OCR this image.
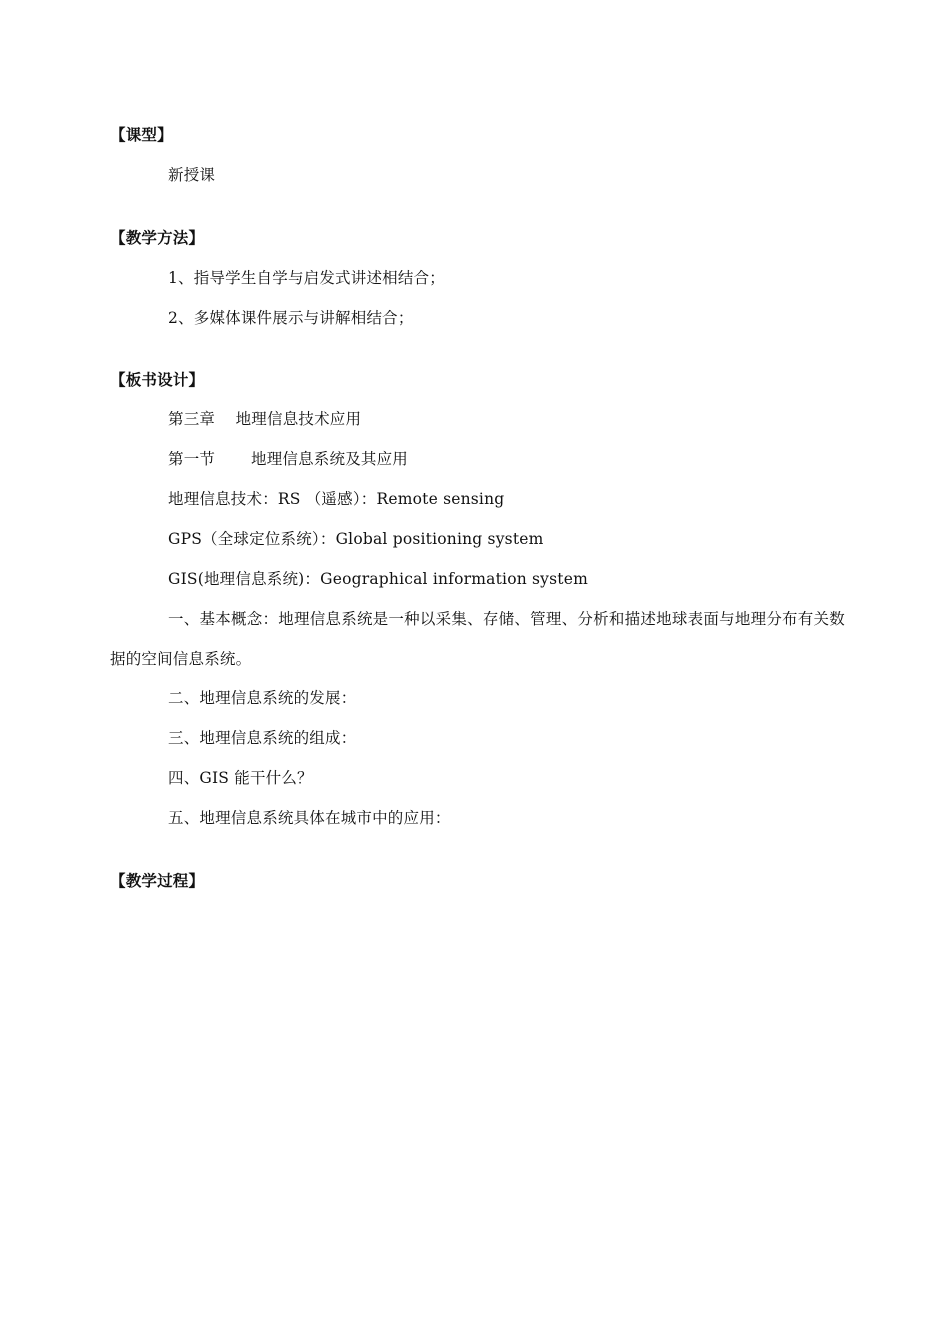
【课型】
新授课
【教学方法】
1、指导学生自学与启发式讲述相结合；
2、多媒体课件展示与讲解相结合；
【板书设计】
第三章    地理信息技术应用
第一节       地理信息系统及其应用
地理信息技术：RS （遥感）：Remote sensing
GPS（全球定位系统）：Global positioning system
GIS(地理信息系统)：Geographical information system
一、基本概念：地理信息系统是一种以采集、存储、管理、分析和描述地球表面与地理分布有关数据的空间信息系统。
二、地理信息系统的发展：
三、地理信息系统的组成：
四、GIS 能干什么？
五、地理信息系统具体在城市中的应用：
【教学过程】
